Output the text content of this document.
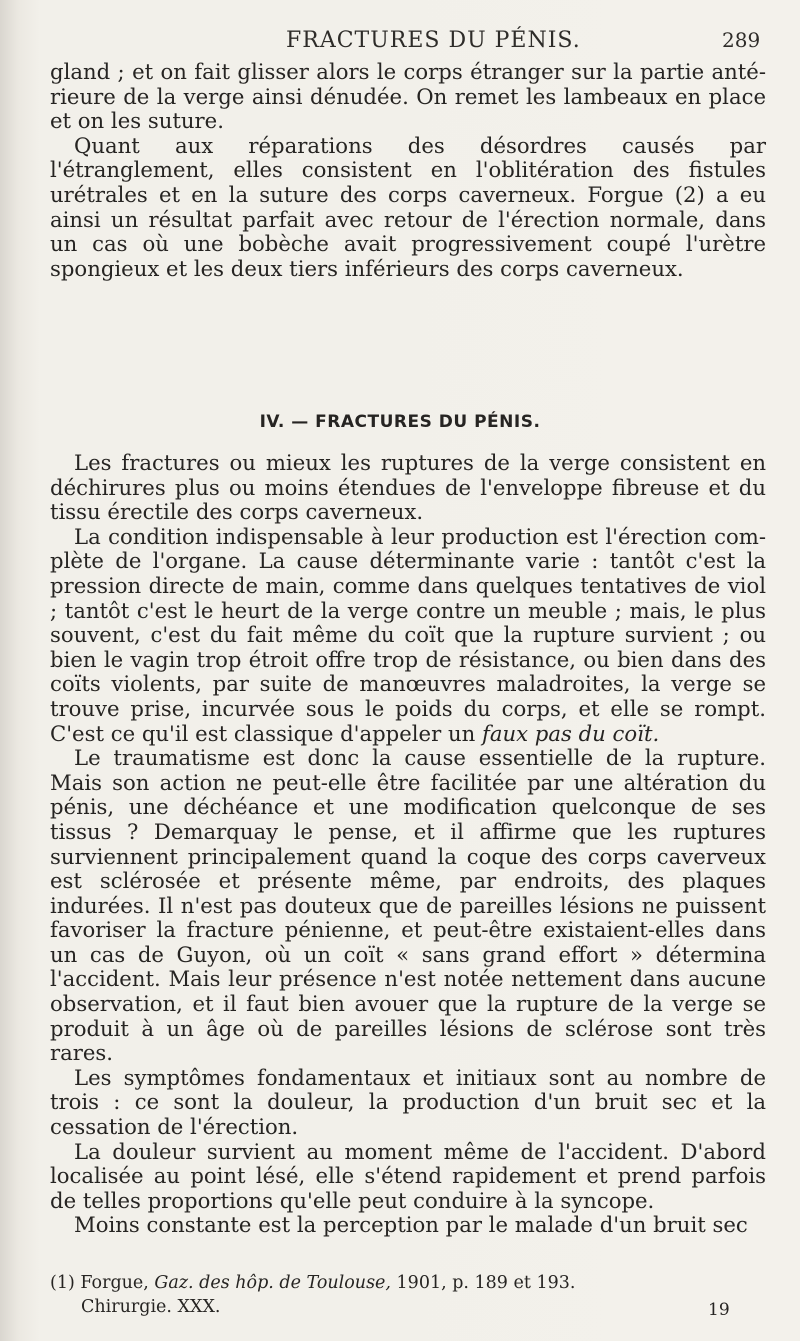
FRACTURES DU PÉNIS.	289

gland ; et on fait glisser alors le corps étranger sur la partie antérieure de la verge ainsi dénudée. On remet les lambeaux en place et on les suture.

Quant aux réparations des désordres causés par l'étranglement, elles consistent en l'oblitération des fistules urétrales et en la suture des corps caverneux. Forgue (2) a eu ainsi un résultat parfait avec retour de l'érection normale, dans un cas où une bobèche avait progressivement coupé l'urètre spongieux et les deux tiers inférieurs des corps caverneux.

IV. — FRACTURES DU PÉNIS.

Les fractures ou mieux les ruptures de la verge consistent en déchirures plus ou moins étendues de l'enveloppe fibreuse et du tissu érectile des corps caverneux.

La condition indispensable à leur production est l'érection complète de l'organe. La cause déterminante varie : tantôt c'est la pression directe de main, comme dans quelques tentatives de viol ; tantôt c'est le heurt de la verge contre un meuble ; mais, le plus souvent, c'est du fait même du coït que la rupture survient ; ou bien le vagin trop étroit offre trop de résistance, ou bien dans des coïts violents, par suite de manœuvres maladroites, la verge se trouve prise, incurvée sous le poids du corps, et elle se rompt. C'est ce qu'il est classique d'appeler un faux pas du coït.

Le traumatisme est donc la cause essentielle de la rupture. Mais son action ne peut-elle être facilitée par une altération du pénis, une déchéance et une modification quelconque de ses tissus ? Demarquay le pense, et il affirme que les ruptures surviennent principalement quand la coque des corps caverveux est sclérosée et présente même, par endroits, des plaques indurées. Il n'est pas douteux que de pareilles lésions ne puissent favoriser la fracture pénienne, et peut-être existaient-elles dans un cas de Guyon, où un coït « sans grand effort » détermina l'accident. Mais leur présence n'est notée nettement dans aucune observation, et il faut bien avouer que la rupture de la verge se produit à un âge où de pareilles lésions de sclérose sont très rares.

Les symptômes fondamentaux et initiaux sont au nombre de trois : ce sont la douleur, la production d'un bruit sec et la cessation de l'érection.

La douleur survient au moment même de l'accident. D'abord localisée au point lésé, elle s'étend rapidement et prend parfois de telles proportions qu'elle peut conduire à la syncope.

Moins constante est la perception par le malade d'un bruit sec

(1) Forgue, Gaz. des hôp. de Toulouse, 1901, p. 189 et 193.

Chirurgie. XXX.	19
